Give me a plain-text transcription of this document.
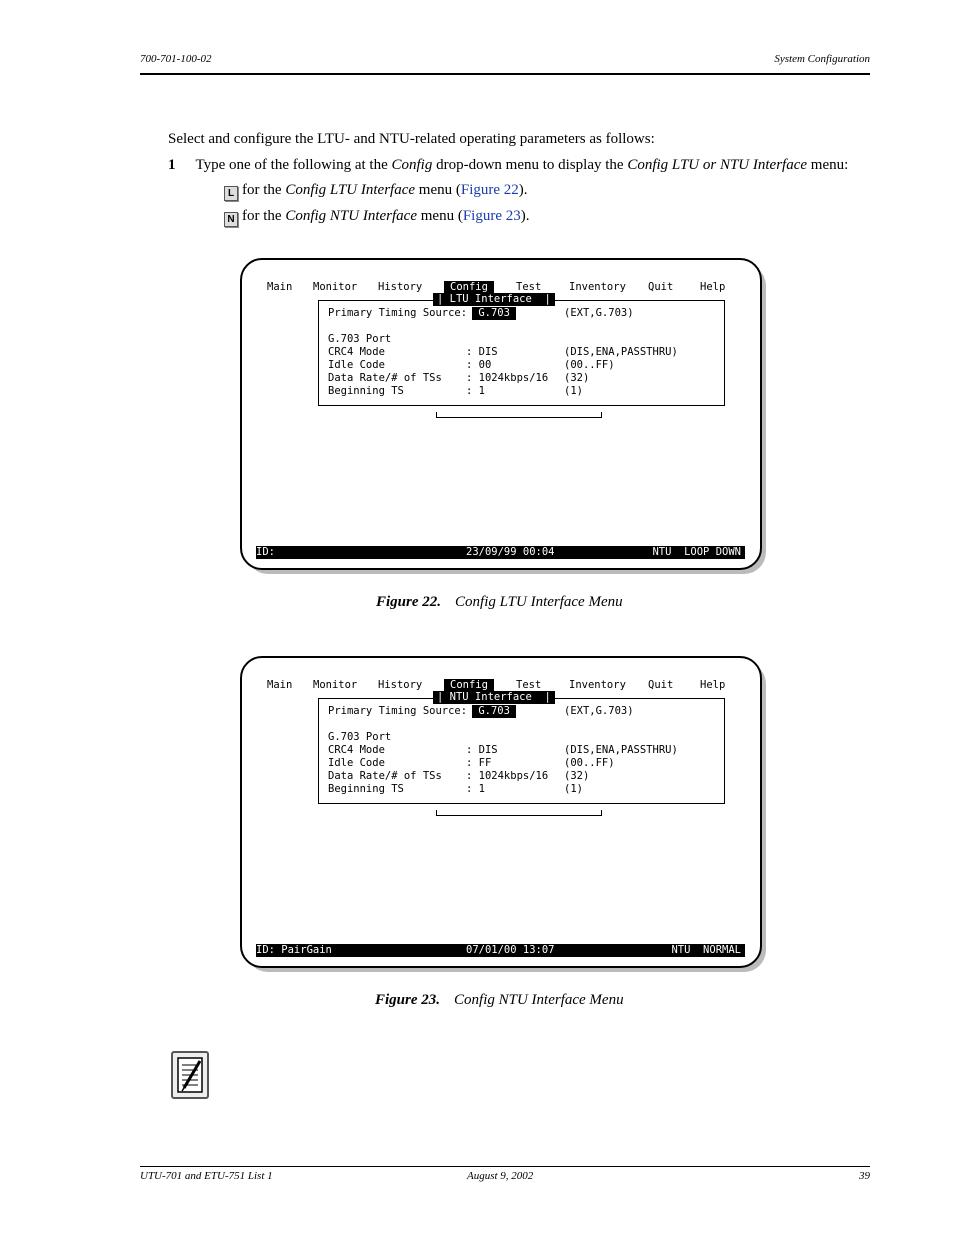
700-701-100-02	System Configuration
Select and configure the LTU- and NTU-related operating parameters as follows:
1 Type one of the following at the Config drop-down menu to display the Config LTU or NTU Interface menu:
L for the Config LTU Interface menu (Figure 22).
N for the Config NTU Interface menu (Figure 23).

Main

Monitor

History

	Config

	Test

	Inventory

Quit

	Help

| LTU Interface  |
Primary Timing Source: G.703	(EXT,G.703)
G.703 Port
CRC4 Mode	: DIS	(DIS,ENA,PASSTHRU)
Idle Code	: 00	(00..FF)
Data Rate/# of TSs : 1024kbps/16 (32)
Beginning TS	: 1	(1)
ID:	23/09/99 00:04	NTU  LOOP DOWN
Figure 22. Config LTU Interface Menu

Main

Monitor

History

	Config

	Test

	Inventory

Quit

	Help

| NTU Interface  |
Primary Timing Source: G.703	(EXT,G.703)
G.703 Port
CRC4 Mode	: DIS	(DIS,ENA,PASSTHRU)
Idle Code	: FF	(00..FF)
Data Rate/# of TSs : 1024kbps/16 (32)
Beginning TS	: 1	(1)
ID: PairGain	07/01/00 13:07	NTU  NORMAL
Figure 23. Config NTU Interface Menu
UTU-701 and ETU-751 List 1	August 9, 2002	39
